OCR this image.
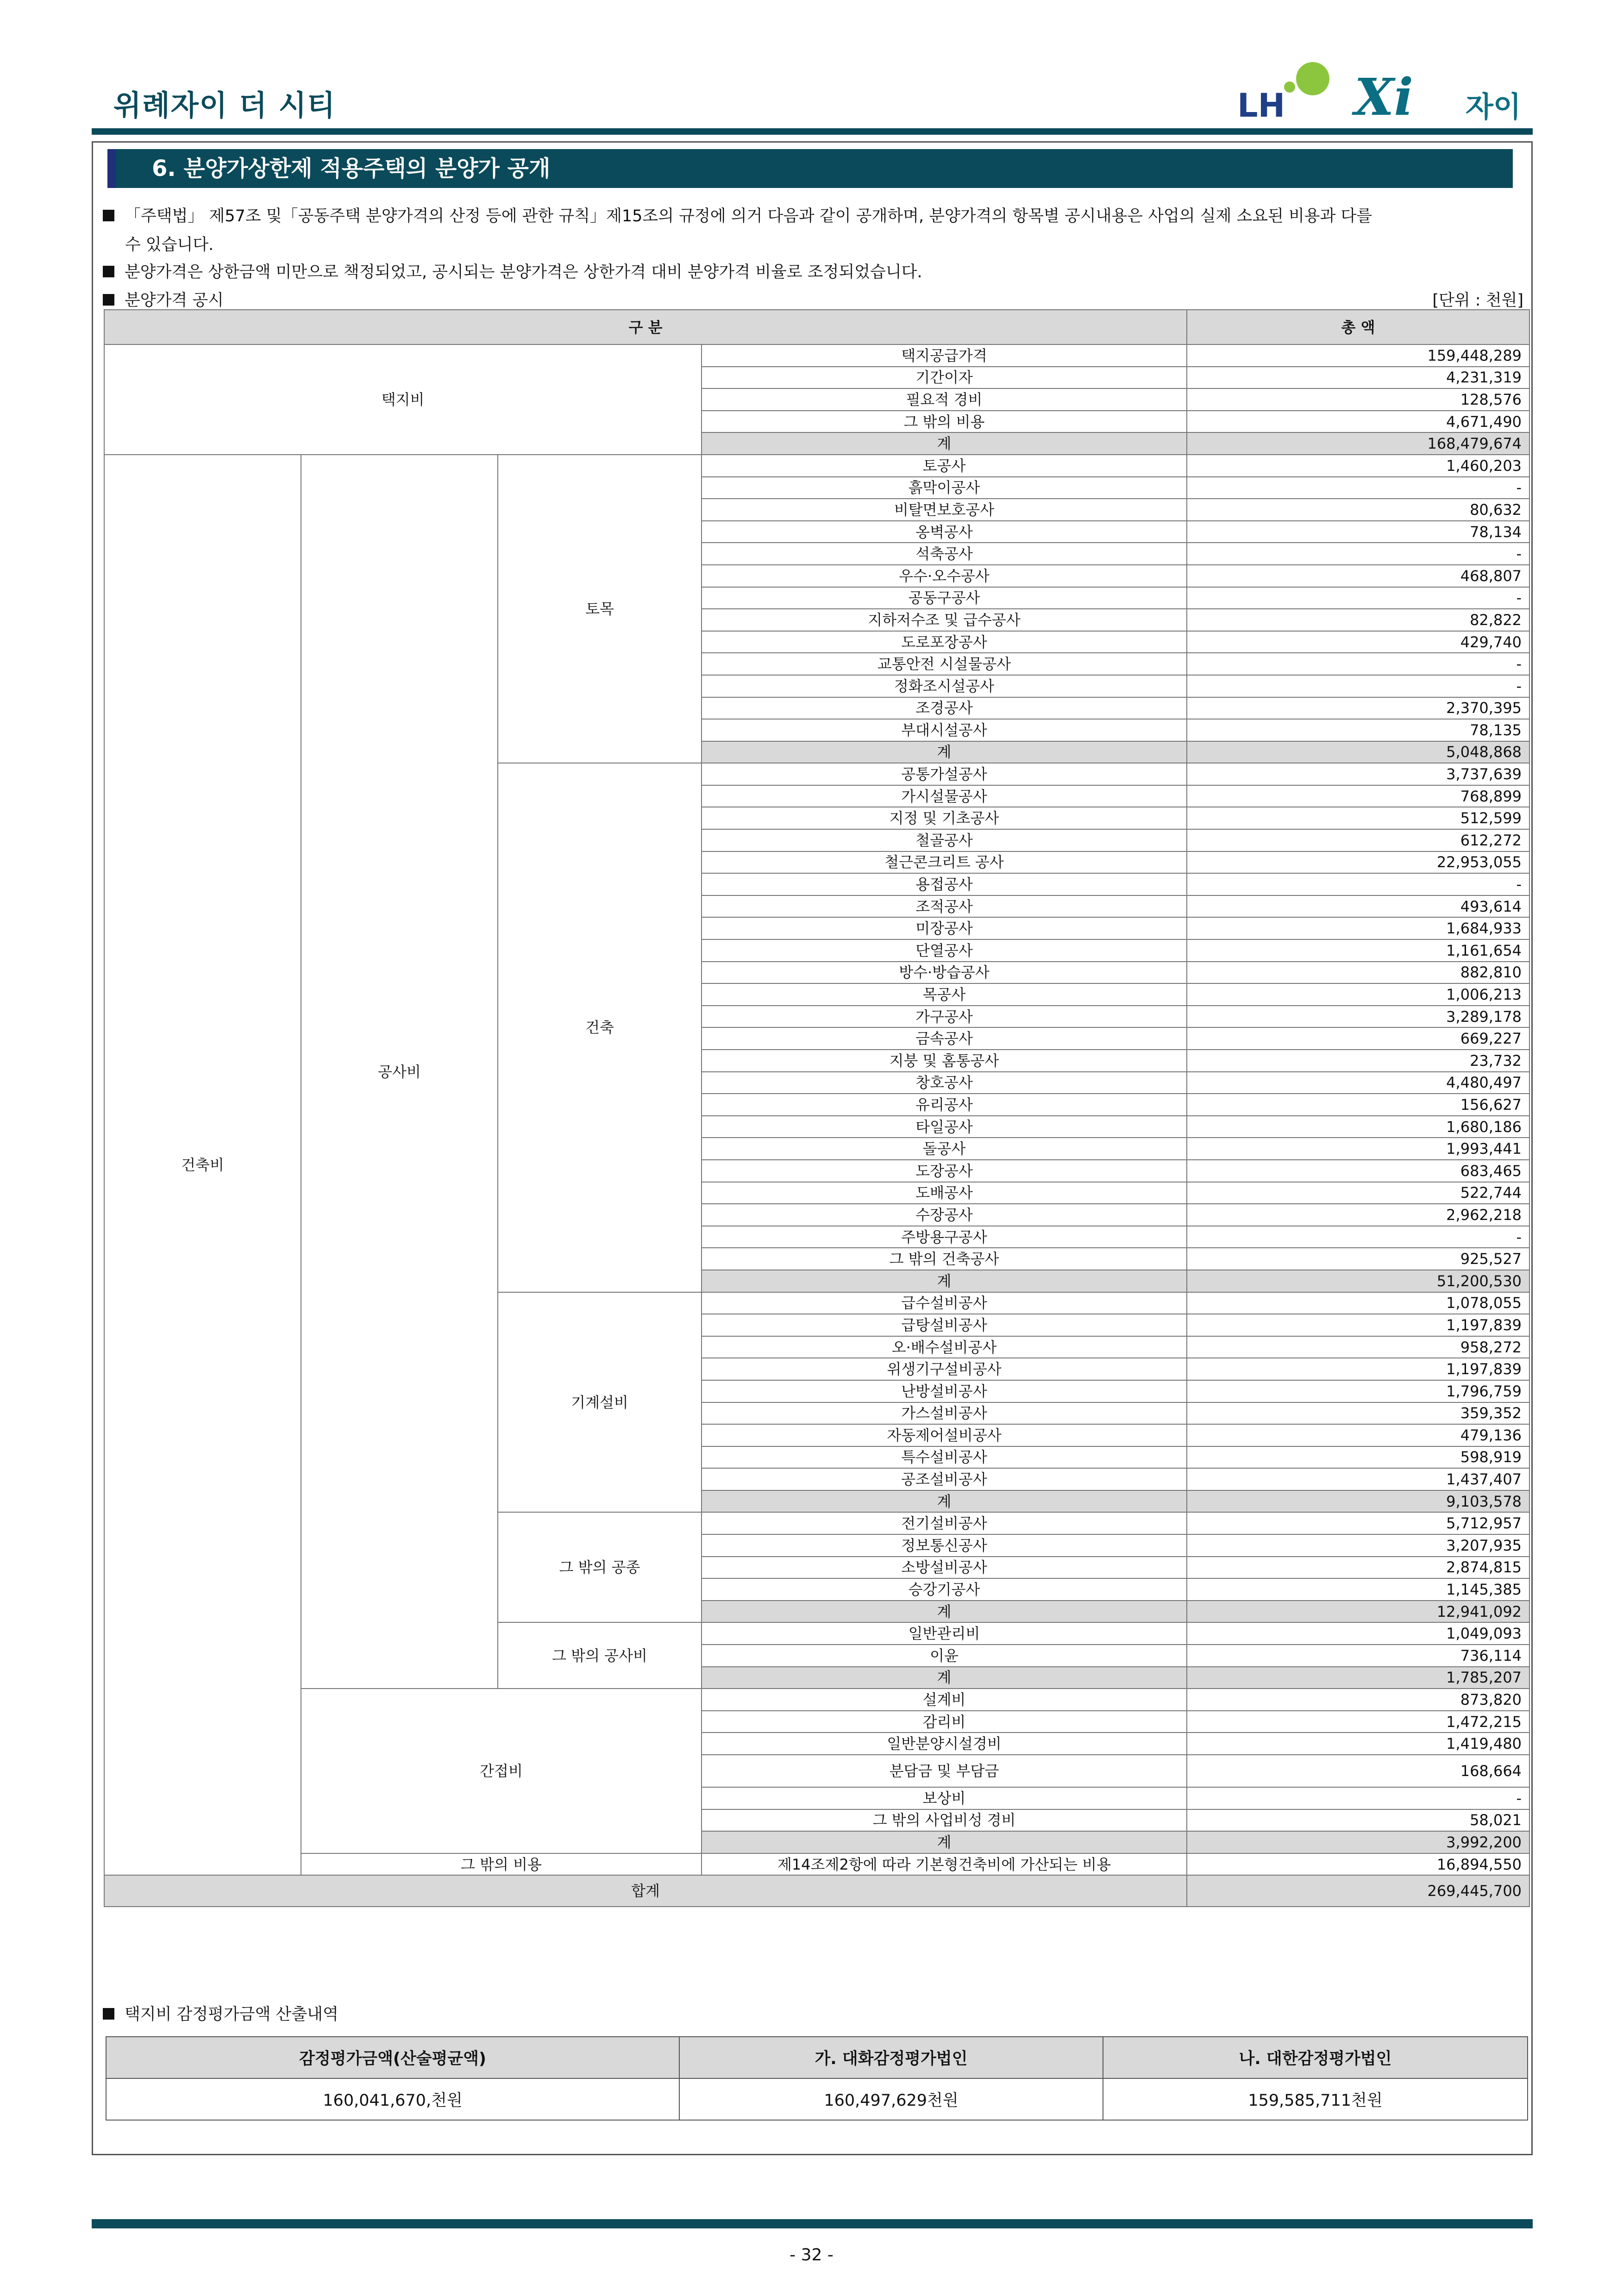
위례자이 더 시티	LH Xi 자이
6. 분양가상한제 적용주택의 분양가 공개
「주택법」 제57조 및「공동주택 분양가격의 산정 등에 관한 규칙」제15조의 규정에 의거 다음과 같이 공개하며, 분양가격의 항목별 공시내용은 사업의 실제 소요된 비용과 다를
수 있습니다.
분양가격은 상한금액 미만으로 책정되었고, 공시되는 분양가격은 상한가격 대비 분양가격 비율로 조정되었습니다.
분양가격 공시	[단위 : 천원]
구 분				총 액
택지비			택지공급가격	159,448,289
			기간이자	4,231,319
			필요적 경비	128,576
			그 밖의 비용	4,671,490
			계	168,479,674
건축비	공사비	토목	토공사	1,460,203
			흙막이공사	-
			비탈면보호공사	80,632
			옹벽공사	78,134
			석축공사	-
			우수·오수공사	468,807
			공동구공사	-
			지하저수조 및 급수공사	82,822
			도로포장공사	429,740
			교통안전 시설물공사	-
			정화조시설공사	-
			조경공사	2,370,395
			부대시설공사	78,135
			계	5,048,868
		건축	공통가설공사	3,737,639
			가시설물공사	768,899
			지정 및 기초공사	512,599
			철골공사	612,272
			철근콘크리트 공사	22,953,055
			용접공사	-
			조적공사	493,614
			미장공사	1,684,933
			단열공사	1,161,654
			방수·방습공사	882,810
			목공사	1,006,213
			가구공사	3,289,178
			금속공사	669,227
			지붕 및 홈통공사	23,732
			창호공사	4,480,497
			유리공사	156,627
			타일공사	1,680,186
			돌공사	1,993,441
			도장공사	683,465
			도배공사	522,744
			수장공사	2,962,218
			주방용구공사	-
			그 밖의 건축공사	925,527
			계	51,200,530
		기계설비	급수설비공사	1,078,055
			급탕설비공사	1,197,839
			오·배수설비공사	958,272
			위생기구설비공사	1,197,839
			난방설비공사	1,796,759
			가스설비공사	359,352
			자동제어설비공사	479,136
			특수설비공사	598,919
			공조설비공사	1,437,407
			계	9,103,578
		그 밖의 공종	전기설비공사	5,712,957
			정보통신공사	3,207,935
			소방설비공사	2,874,815
			승강기공사	1,145,385
			계	12,941,092
		그 밖의 공사비	일반관리비	1,049,093
			이윤	736,114
			계	1,785,207
	간접비		설계비	873,820
			감리비	1,472,215
			일반분양시설경비	1,419,480
			분담금 및 부담금	168,664
			보상비	-
			그 밖의 사업비성 경비	58,021
			계	3,992,200
	그 밖의 비용		제14조제2항에 따라 기본형건축비에 가산되는 비용	16,894,550
합계				269,445,700
택지비 감정평가금액 산출내역
감정평가금액(산술평균액)	가. 대화감정평가법인	나. 대한감정평가법인
160,041,670,천원	160,497,629천원	159,585,711천원
- 32 -
